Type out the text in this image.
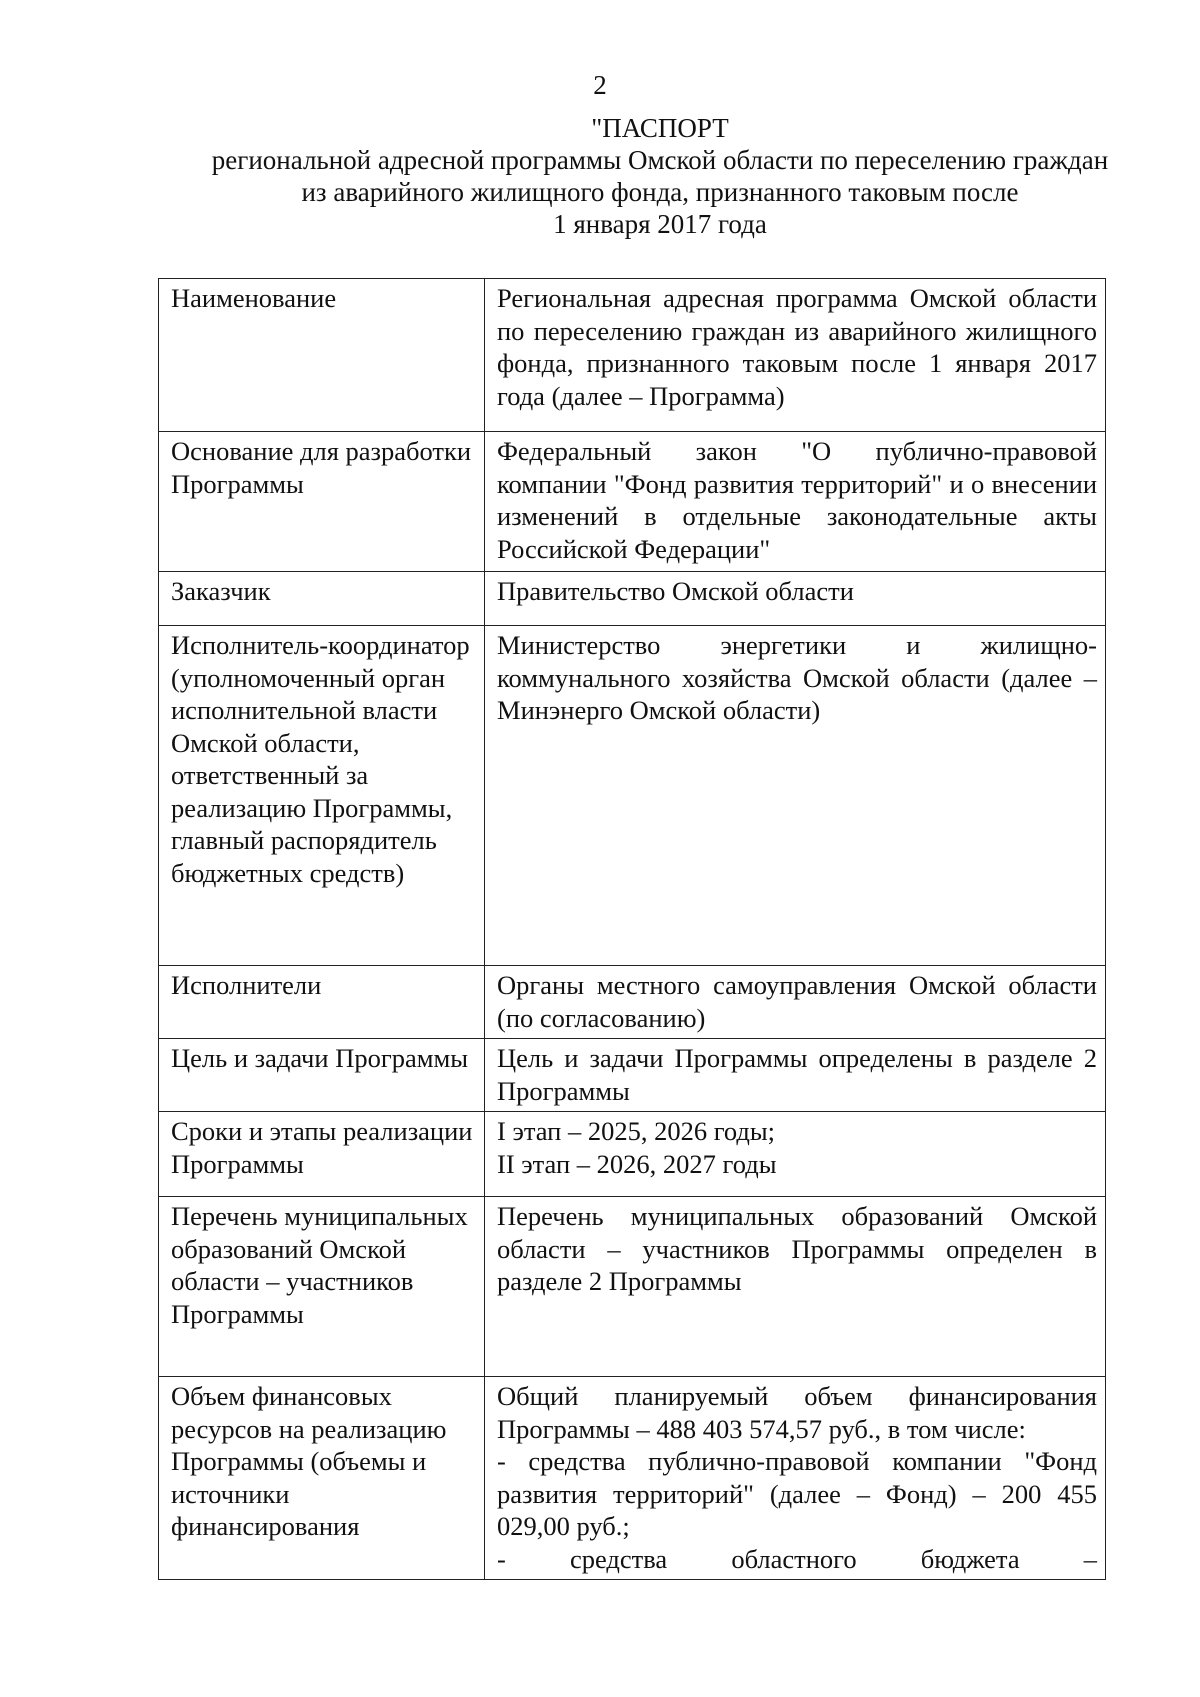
2
"ПАСПОРТ
региональной адресной программы Омской области по переселению граждан
из аварийного жилищного фонда, признанного таковым после
1 января 2017 года
Наименование	Региональная адресная программа Омской области по переселению граждан из аварийного жилищного фонда, признанного таковым после 1 января 2017 года (далее – Программа)
Основание для разработки Программы	Федеральный закон "О публично-правовой компании "Фонд развития территорий" и о внесении изменений в отдельные законодательные акты Российской Федерации"
Заказчик	Правительство Омской области
Исполнитель-координатор (уполномоченный орган исполнительной власти Омской области, ответственный за реализацию Программы, главный распорядитель бюджетных средств)	Министерство энергетики и жилищно-коммунального хозяйства Омской области (далее – Минэнерго Омской области)
Исполнители	Органы местного самоуправления Омской области (по согласованию)
Цель и задачи Программы	Цель и задачи Программы определены в разделе 2 Программы
Сроки и этапы реализации Программы	I этап – 2025, 2026 годы;
II этап – 2026, 2027 годы

Перечень муниципальных образований Омской области – участников Программы	Перечень муниципальных образований Омской области – участников Программы определен в разделе 2 Программы
Объем финансовых ресурсов на реализацию Программы (объемы и источники финансирования	Общий планируемый объем финансирования Программы – 488 403 574,57 руб., в том числе:
- средства публично-правовой компании "Фонд развития территорий" (далее – Фонд) – 200 455 029,00 руб.;
- средства областного бюджета –
